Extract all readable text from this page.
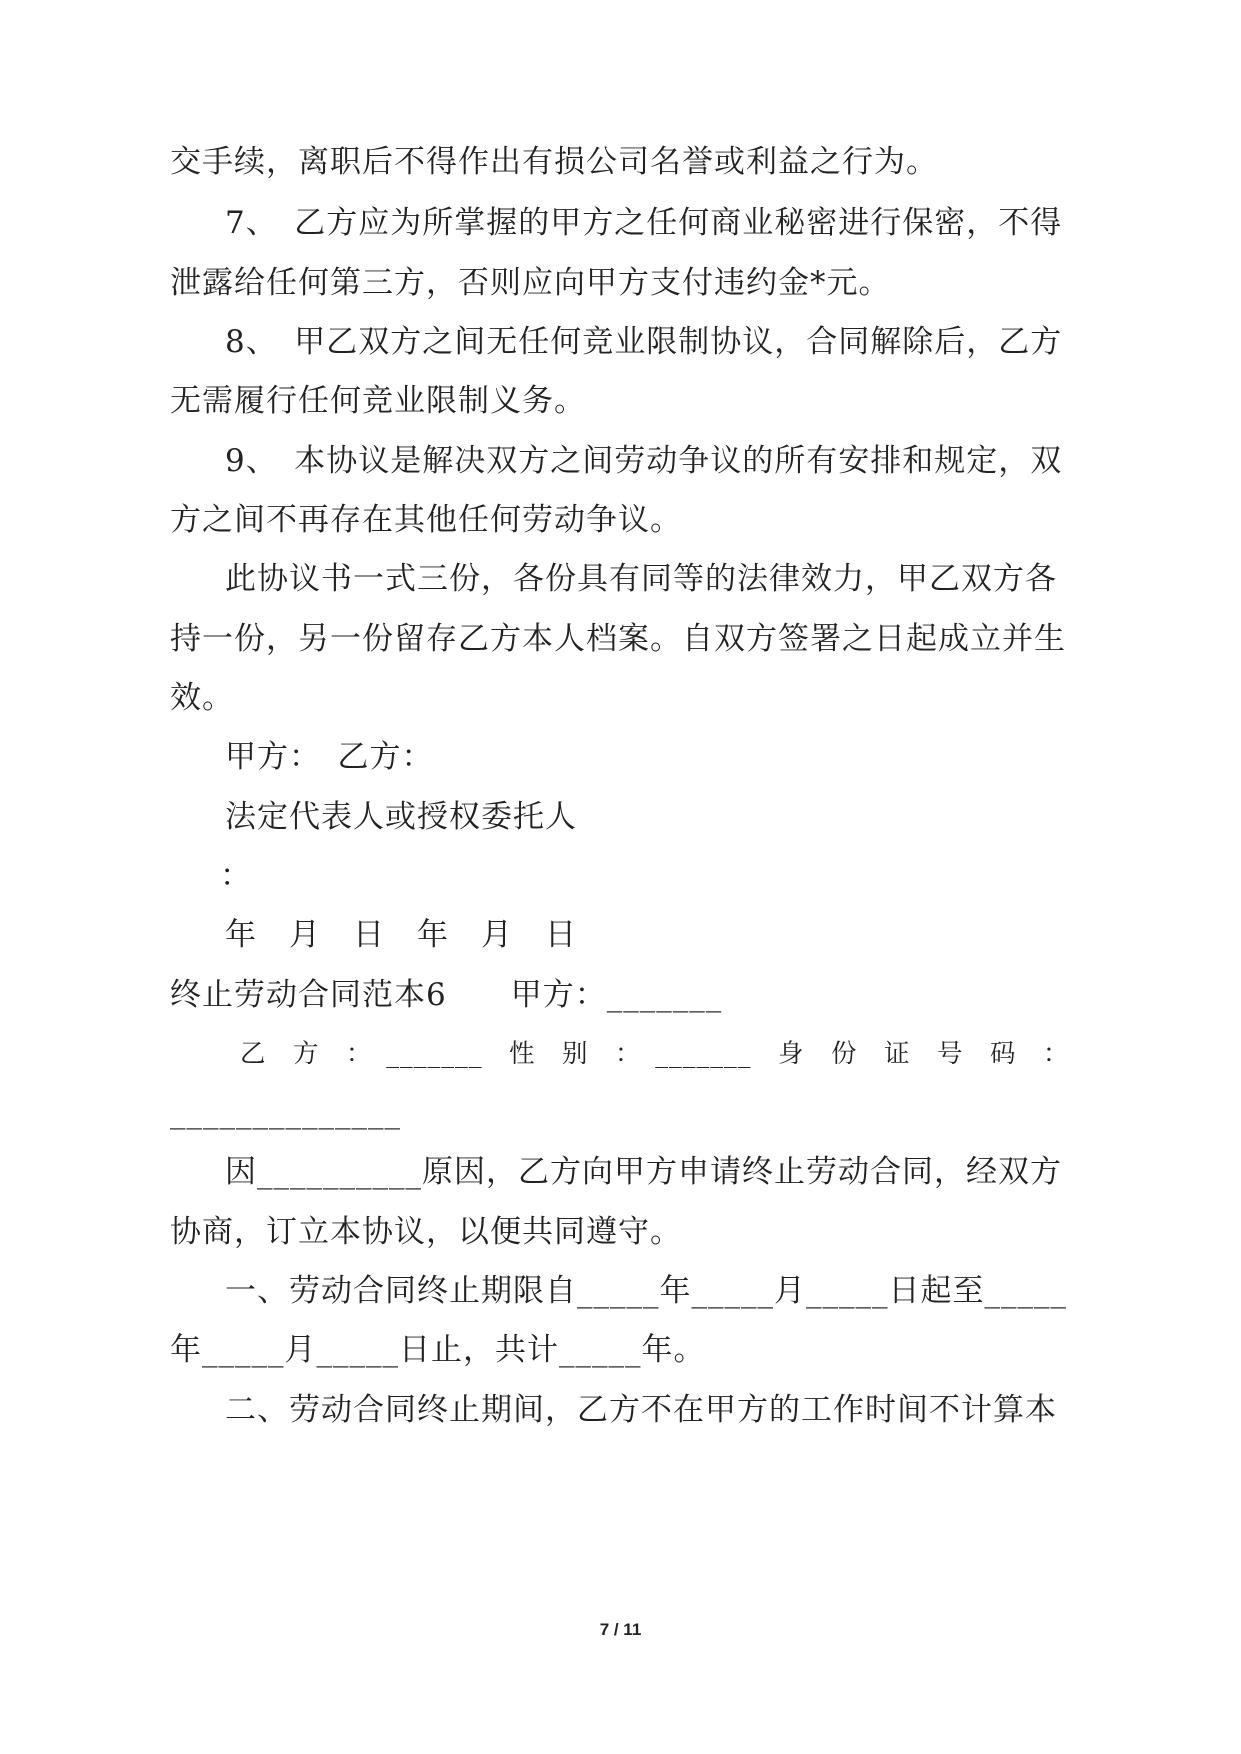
交手续，离职后不得作出有损公司名誉或利益之行为。
7、　乙方应为所掌握的甲方之任何商业秘密进行保密，不得
泄露给任何第三方，否则应向甲方支付违约金*元。
8、　甲乙双方之间无任何竞业限制协议，合同解除后，乙方
无需履行任何竞业限制义务。
9、　本协议是解决双方之间劳动争议的所有安排和规定，双
方之间不再存在其他任何劳动争议。
此协议书一式三份，各份具有同等的法律效力，甲乙双方各
持一份，另一份留存乙方本人档案。自双方签署之日起成立并生
效。
甲方：　乙方：
法定代表人或授权委托人
：
年　月　日　年　月　日
终止劳动合同范本6　　甲方：_______
乙　方　：　_______　性　别　：　_______　身　份　证　号　码　：
______________
因__________原因，乙方向甲方申请终止劳动合同，经双方
协商，订立本协议，以便共同遵守。
一、劳动合同终止期限自_____年_____月_____日起至_____
年_____月_____日止，共计_____年。
二、劳动合同终止期间，乙方不在甲方的工作时间不计算本
7 / 11
